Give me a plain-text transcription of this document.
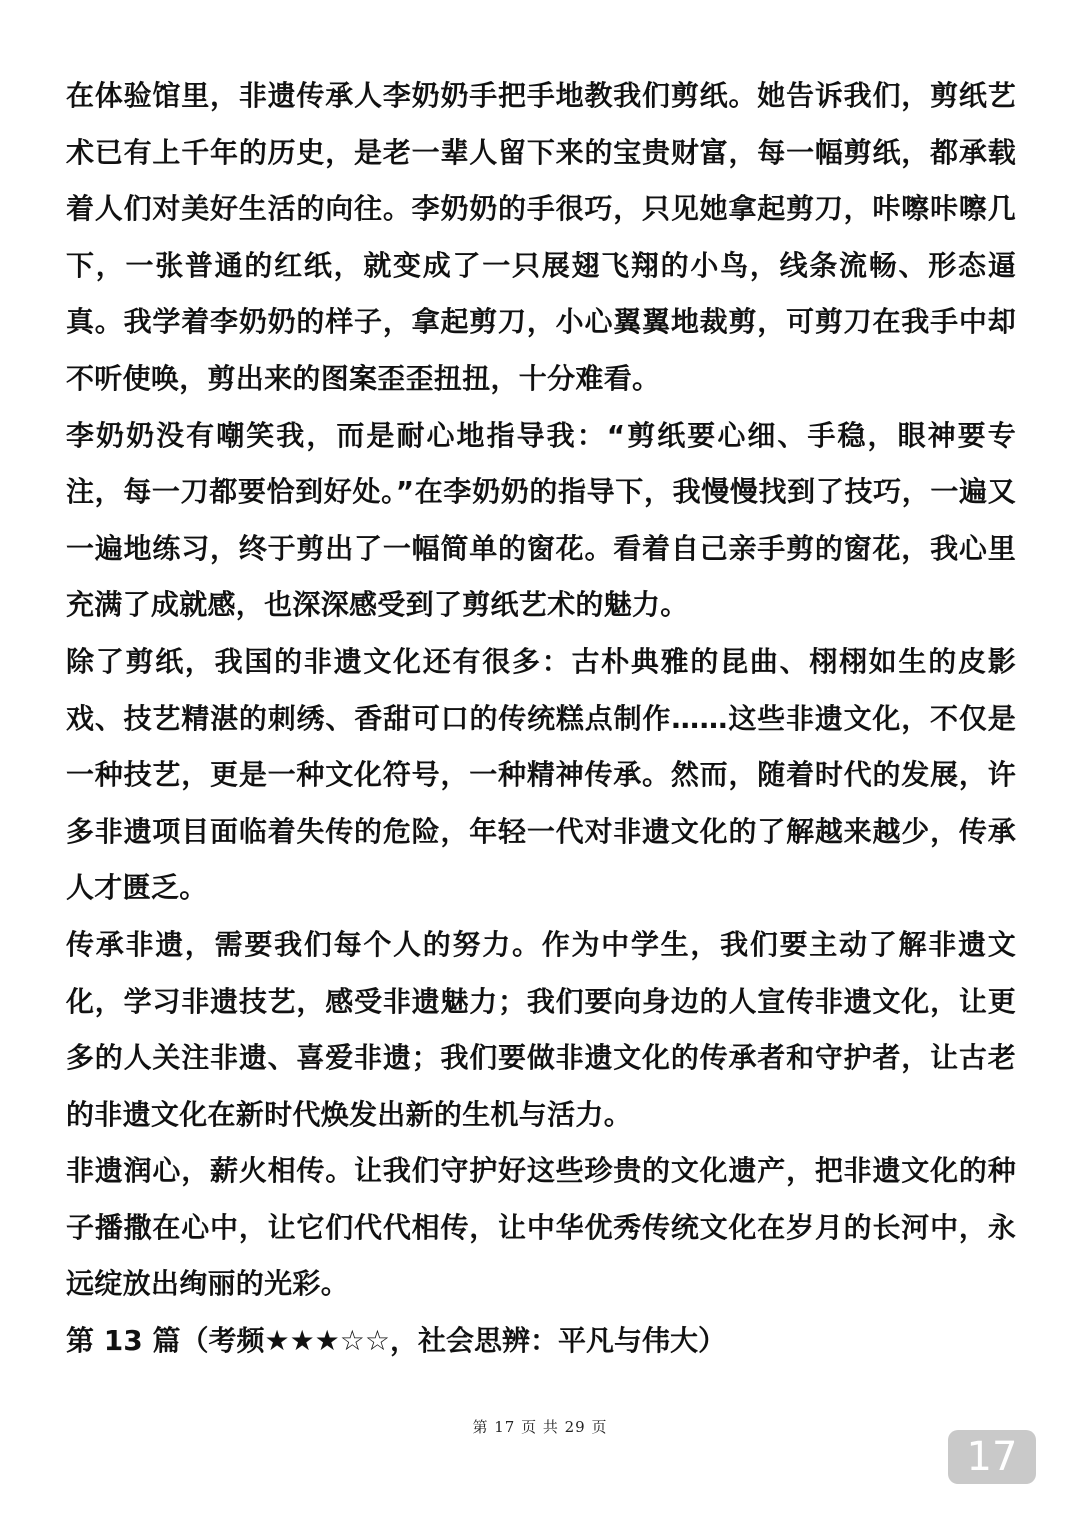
在体验馆里，非遗传承人李奶奶手把手地教我们剪纸。她告诉我们，剪纸艺术已有上千年的历史，是老一辈人留下来的宝贵财富，每一幅剪纸，都承载着人们对美好生活的向往。李奶奶的手很巧，只见她拿起剪刀，咔嚓咔嚓几下，一张普通的红纸，就变成了一只展翅飞翔的小鸟，线条流畅、形态逼真。我学着李奶奶的样子，拿起剪刀，小心翼翼地裁剪，可剪刀在我手中却不听使唤，剪出来的图案歪歪扭扭，十分难看。

李奶奶没有嘲笑我，而是耐心地指导我：“剪纸要心细、手稳，眼神要专注，每一刀都要恰到好处。”在李奶奶的指导下，我慢慢找到了技巧，一遍又一遍地练习，终于剪出了一幅简单的窗花。看着自己亲手剪的窗花，我心里充满了成就感，也深深感受到了剪纸艺术的魅力。

除了剪纸，我国的非遗文化还有很多：古朴典雅的昆曲、栩栩如生的皮影戏、技艺精湛的刺绣、香甜可口的传统糕点制作……这些非遗文化，不仅是一种技艺，更是一种文化符号，一种精神传承。然而，随着时代的发展，许多非遗项目面临着失传的危险，年轻一代对非遗文化的了解越来越少，传承人才匮乏。

传承非遗，需要我们每个人的努力。作为中学生，我们要主动了解非遗文化，学习非遗技艺，感受非遗魅力；我们要向身边的人宣传非遗文化，让更多的人关注非遗、喜爱非遗；我们要做非遗文化的传承者和守护者，让古老的非遗文化在新时代焕发出新的生机与活力。

非遗润心，薪火相传。让我们守护好这些珍贵的文化遗产，把非遗文化的种子播撒在心中，让它们代代相传，让中华优秀传统文化在岁月的长河中，永远绽放出绚丽的光彩。

第 13 篇（考频★★★☆☆，社会思辨：平凡与伟大）

第 17 页 共 29 页
17
